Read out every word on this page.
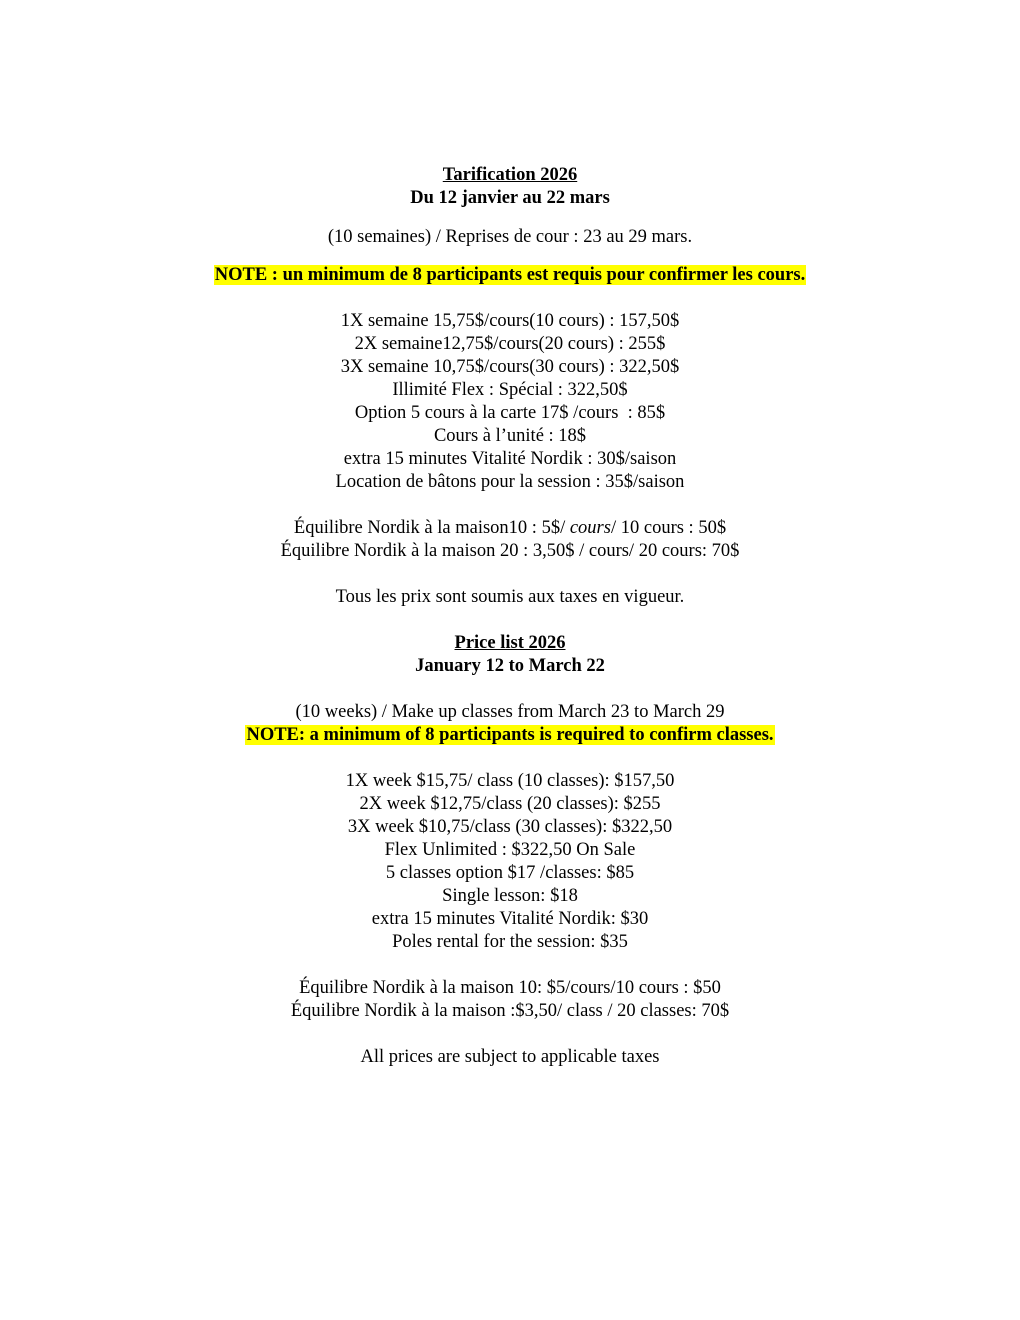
Tarification 2026
Du 12 janvier au 22 mars
(10 semaines) / Reprises de cour : 23 au 29 mars.
NOTE : un minimum de 8 participants est requis pour confirmer les cours.
1X semaine 15,75$/cours(10 cours) : 157,50$
2X semaine12,75$/cours(20 cours) : 255$
3X semaine 10,75$/cours(30 cours) : 322,50$
Illimité Flex : Spécial : 322,50$
Option 5 cours à la carte 17$ /cours  : 85$
Cours à l’unité : 18$
extra 15 minutes Vitalité Nordik : 30$/saison
Location de bâtons pour la session : 35$/saison
Équilibre Nordik à la maison10 : 5$/ cours/ 10 cours : 50$
Équilibre Nordik à la maison 20 : 3,50$ / cours/ 20 cours: 70$
Tous les prix sont soumis aux taxes en vigueur.
Price list 2026
January 12 to March 22
(10 weeks) / Make up classes from March 23 to March 29
NOTE: a minimum of 8 participants is required to confirm classes.
1X week $15,75/ class (10 classes): $157,50
2X week $12,75/class (20 classes): $255
3X week $10,75/class (30 classes): $322,50
Flex Unlimited : $322,50 On Sale
5 classes option $17 /classes: $85
Single lesson: $18
extra 15 minutes Vitalité Nordik: $30
Poles rental for the session: $35
Équilibre Nordik à la maison 10: $5/cours/10 cours : $50
Équilibre Nordik à la maison :$3,50/ class / 20 classes: 70$
All prices are subject to applicable taxes
